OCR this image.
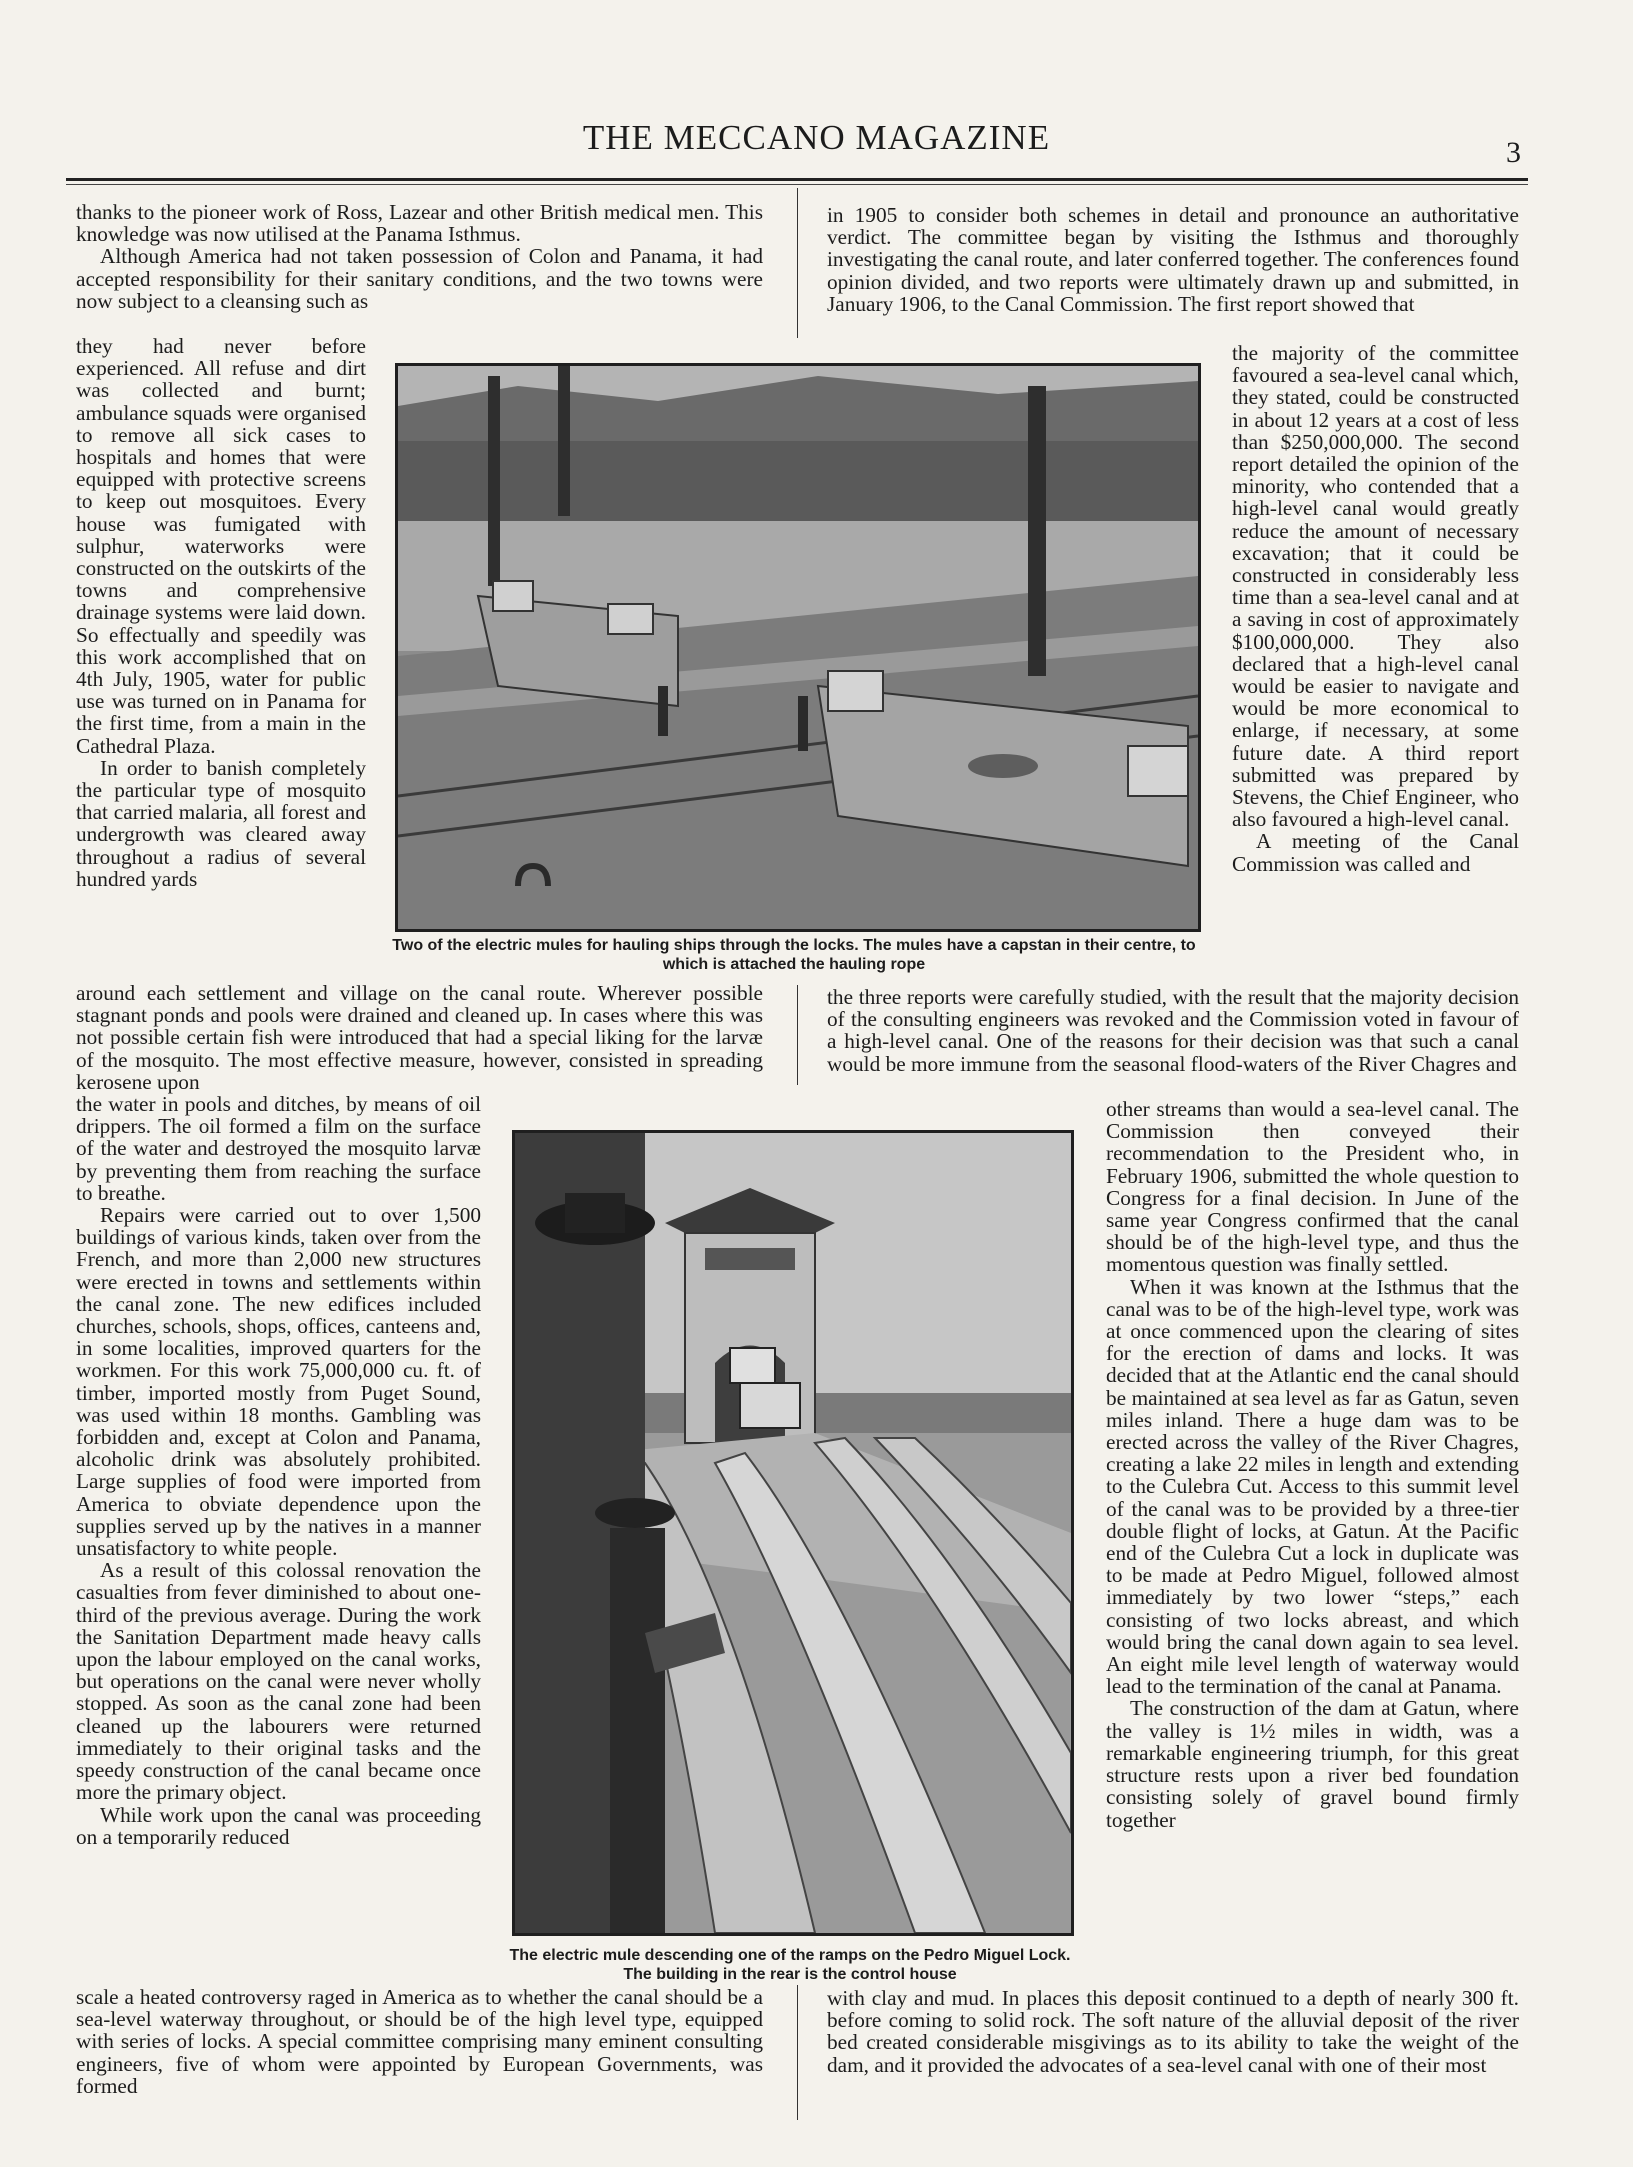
THE MECCANO MAGAZINE	3

thanks to the pioneer work of Ross, Lazear and other British medical men. This knowledge was now utilised at the Panama Isthmus.

Although America had not taken possession of Colon and Panama, it had accepted responsibility for their sanitary conditions, and the two towns were now subject to a cleansing such as

they had never before experienced. All refuse and dirt was collected and burnt; ambulance squads were organised to remove all sick cases to hospitals and homes that were equipped with protective screens to keep out mosquitoes. Every house was fumigated with sulphur, waterworks were constructed on the outskirts of the towns and comprehensive drainage systems were laid down. So effectually and speedily was this work accomplished that on 4th July, 1905, water for public use was turned on in Panama for the first time, from a main in the Cathedral Plaza.

In order to banish completely the particular type of mosquito that carried malaria, all forest and undergrowth was cleared away throughout a radius of several hundred yards

around each settlement and village on the canal route. Wherever possible stagnant ponds and pools were drained and cleaned up. In cases where this was not possible certain fish were introduced that had a special liking for the larvæ of the mosquito. The most effective measure, however, consisted in spreading kerosene upon

the water in pools and ditches, by means of oil drippers. The oil formed a film on the surface of the water and destroyed the mosquito larvæ by preventing them from reaching the surface to breathe.

Repairs were carried out to over 1,500 buildings of various kinds, taken over from the French, and more than 2,000 new structures were erected in towns and settlements within the canal zone. The new edifices included churches, schools, shops, offices, canteens and, in some localities, improved quarters for the workmen. For this work 75,000,000 cu. ft. of timber, imported mostly from Puget Sound, was used within 18 months. Gambling was forbidden and, except at Colon and Panama, alcoholic drink was absolutely prohibited. Large supplies of food were imported from America to obviate dependence upon the supplies served up by the natives in a manner unsatisfactory to white people.

As a result of this colossal renovation the casualties from fever diminished to about one-third of the previous average. During the work the Sanitation Department made heavy calls upon the labour employed on the canal works, but operations on the canal were never wholly stopped. As soon as the canal zone had been cleaned up the labourers were returned immediately to their original tasks and the speedy construction of the canal became once more the primary object.

While work upon the canal was proceeding on a temporarily reduced

scale a heated controversy raged in America as to whether the canal should be a sea-level waterway throughout, or should be of the high level type, equipped with series of locks. A special committee comprising many eminent consulting engineers, five of whom were appointed by European Governments, was formed

in 1905 to consider both schemes in detail and pronounce an authoritative verdict. The committee began by visiting the Isthmus and thoroughly investigating the canal route, and later conferred together. The conferences found opinion divided, and two reports were ultimately drawn up and submitted, in January 1906, to the Canal Commission. The first report showed that

the majority of the committee favoured a sea-level canal which, they stated, could be constructed in about 12 years at a cost of less than $250,000,000. The second report detailed the opinion of the minority, who contended that a high-level canal would greatly reduce the amount of necessary excavation; that it could be constructed in considerably less time than a sea-level canal and at a saving in cost of approximately $100,000,000. They also declared that a high-level canal would be easier to navigate and would be more economical to enlarge, if necessary, at some future date. A third report submitted was prepared by Stevens, the Chief Engineer, who also favoured a high-level canal.

A meeting of the Canal Commission was called and

the three reports were carefully studied, with the result that the majority decision of the consulting engineers was revoked and the Commission voted in favour of a high-level canal. One of the reasons for their decision was that such a canal would be more immune from the seasonal flood-waters of the River Chagres and

other streams than would a sea-level canal. The Commission then conveyed their recommendation to the President who, in February 1906, submitted the whole question to Congress for a final decision. In June of the same year Congress confirmed that the canal should be of the high-level type, and thus the momentous question was finally settled.

When it was known at the Isthmus that the canal was to be of the high-level type, work was at once commenced upon the clearing of sites for the erection of dams and locks. It was decided that at the Atlantic end the canal should be maintained at sea level as far as Gatun, seven miles inland. There a huge dam was to be erected across the valley of the River Chagres, creating a lake 22 miles in length and extending to the Culebra Cut. Access to this summit level of the canal was to be provided by a three-tier double flight of locks, at Gatun. At the Pacific end of the Culebra Cut a lock in duplicate was to be made at Pedro Miguel, followed almost immediately by two lower “steps,” each consisting of two locks abreast, and which would bring the canal down again to sea level. An eight mile level length of waterway would lead to the termination of the canal at Panama.

The construction of the dam at Gatun, where the valley is 1½ miles in width, was a remarkable engineering triumph, for this great structure rests upon a river bed foundation consisting solely of gravel bound firmly together

with clay and mud. In places this deposit continued to a depth of nearly 300 ft. before coming to solid rock. The soft nature of the alluvial deposit of the river bed created considerable misgivings as to its ability to take the weight of the dam, and it provided the advocates of a sea-level canal with one of their most

Two of the electric mules for hauling ships through the locks. The mules have a capstan in their centre, to which is attached the hauling rope
The electric mule descending one of the ramps on the Pedro Miguel Lock. The building in the rear is the control house
